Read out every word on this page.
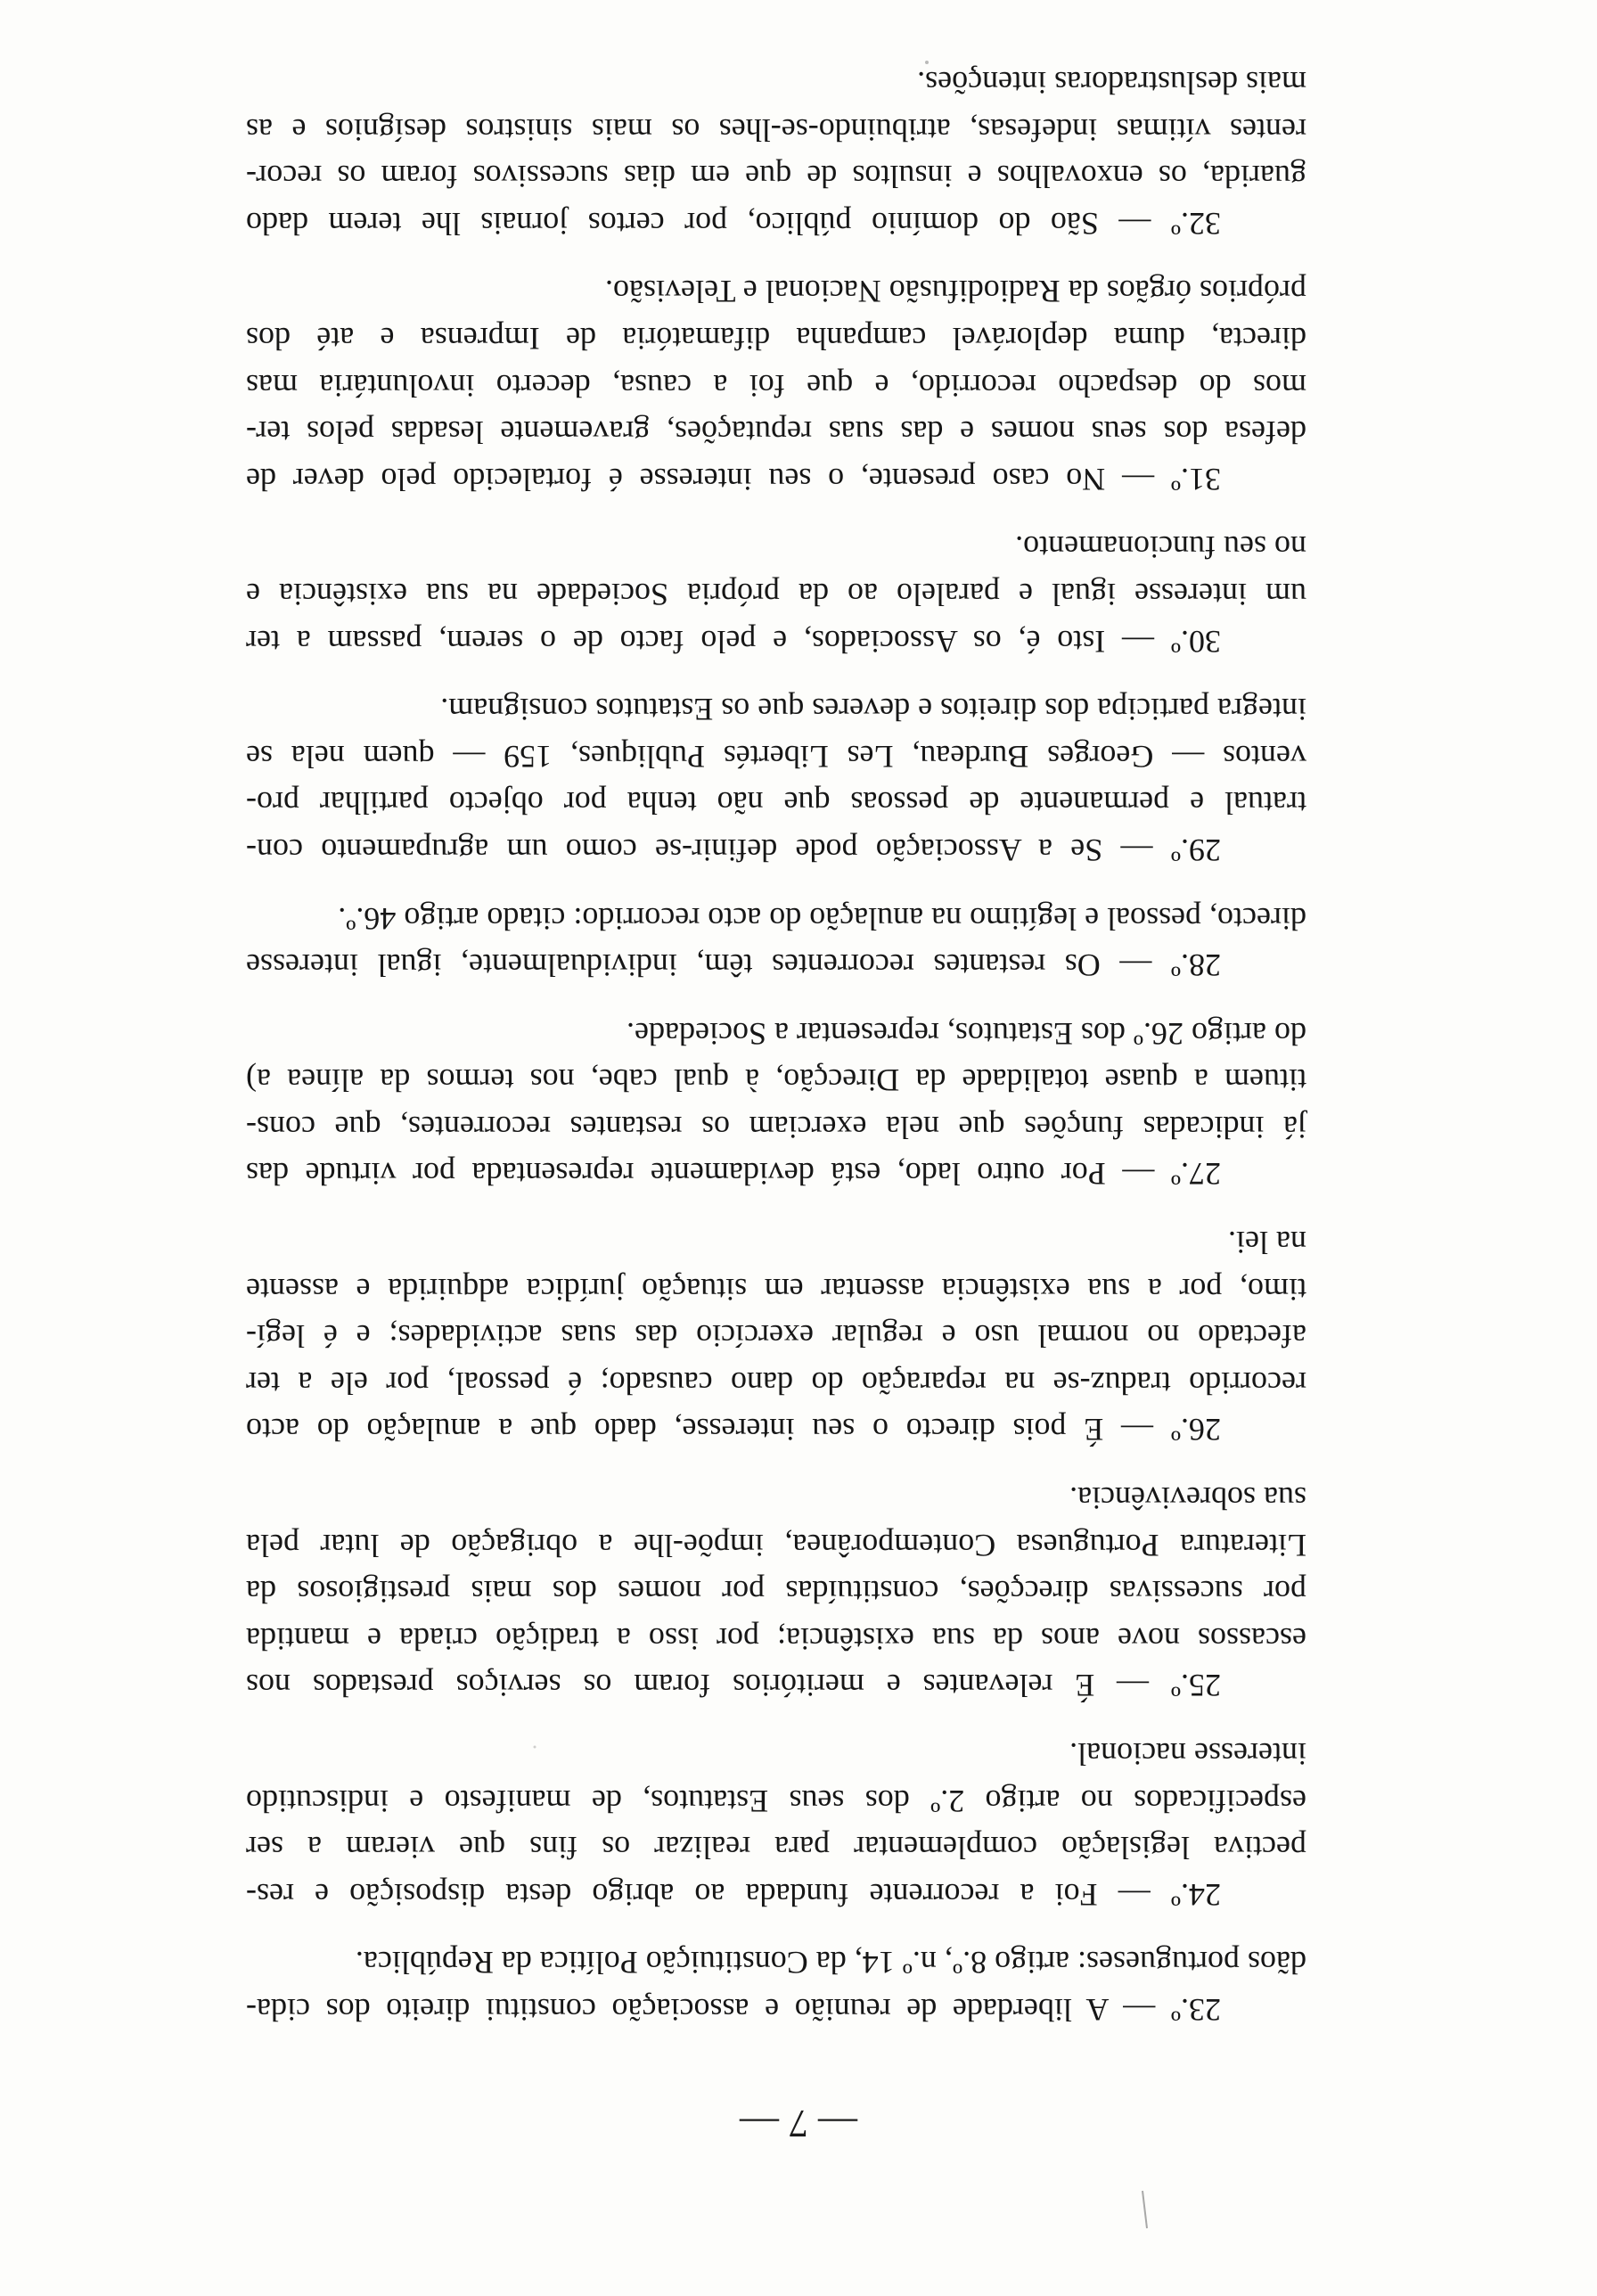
— 7 —
23.º — A liberdade de reunião e associação constitui direito dos cida-
dãos portugueses: artigo 8.º, n.º 14, da Constituição Política da República.
24.º — Foi a recorrente fundada ao abrigo desta disposição e res-
pectiva legislação complementar para realizar os fins que vieram a ser
especificados no artigo 2.º dos seus Estatutos, de manifesto e indiscutido
interesse nacional.
25.º — É relevantes e meritórios foram os serviços prestados nos
escassos nove anos da sua existência; por isso a tradição criada e mantida
por sucessivas direcções, constituídas por nomes dos mais prestigiosos da
Literatura Portuguesa Contemporânea, impõe-lhe a obrigação de lutar pela
sua sobrevivência.
26.º — É pois directo o seu interesse, dado que a anulação do acto
recorrido traduz-se na reparação do dano causado; é pessoal, por ele a ter
afectado no normal uso e regular exercício das suas actividades; e é legí-
timo, por a sua existência assentar em situação jurídica adquirida e assente
na lei.
27.º — Por outro lado, está devidamente representada por virtude das
já indicadas funções que nela exerciam os restantes recorrentes, que cons-
tituem a quase totalidade da Direcção, à qual cabe, nos termos da alínea a)
do artigo 26.º dos Estatutos, representar a Sociedade.
28.º — Os restantes recorrentes têm, individualmente, igual interesse
directo, pessoal e legítimo na anulação do acto recorrido: citado artigo 46.º.
29.º — Se a Associação pode definir-se como um agrupamento con-
tratual e permanente de pessoas que não tenha por objecto partilhar pro-
ventos — Georges Burdeau, Les Libertés Publiques, 159 — quem nela se
integra participa dos direitos e deveres que os Estatutos consignam.
30.º — Isto é, os Associados, e pelo facto de o serem, passam a ter
um interesse igual e paralelo ao da própria Sociedade na sua existência e
no seu funcionamento.
31.º — No caso presente, o seu interesse é fortalecido pelo dever de
defesa dos seus nomes e das suas reputações, gravemente lesadas pelos ter-
mos do despacho recorrido, e que foi a causa, decerto involuntária mas
directa, duma deplorável campanha difamatória de Imprensa e até dos
próprios órgãos da Radiodifusão Nacional e Televisão.
32.º — São do domínio público, por certos jornais lhe terem dado
guarida, os enxovalhos e insultos de que em dias sucessivos foram os recor-
rentes vítimas indefesas, atribuindo-se-lhes os mais sinistros desígnios e as
mais deslustradoras intenções.
